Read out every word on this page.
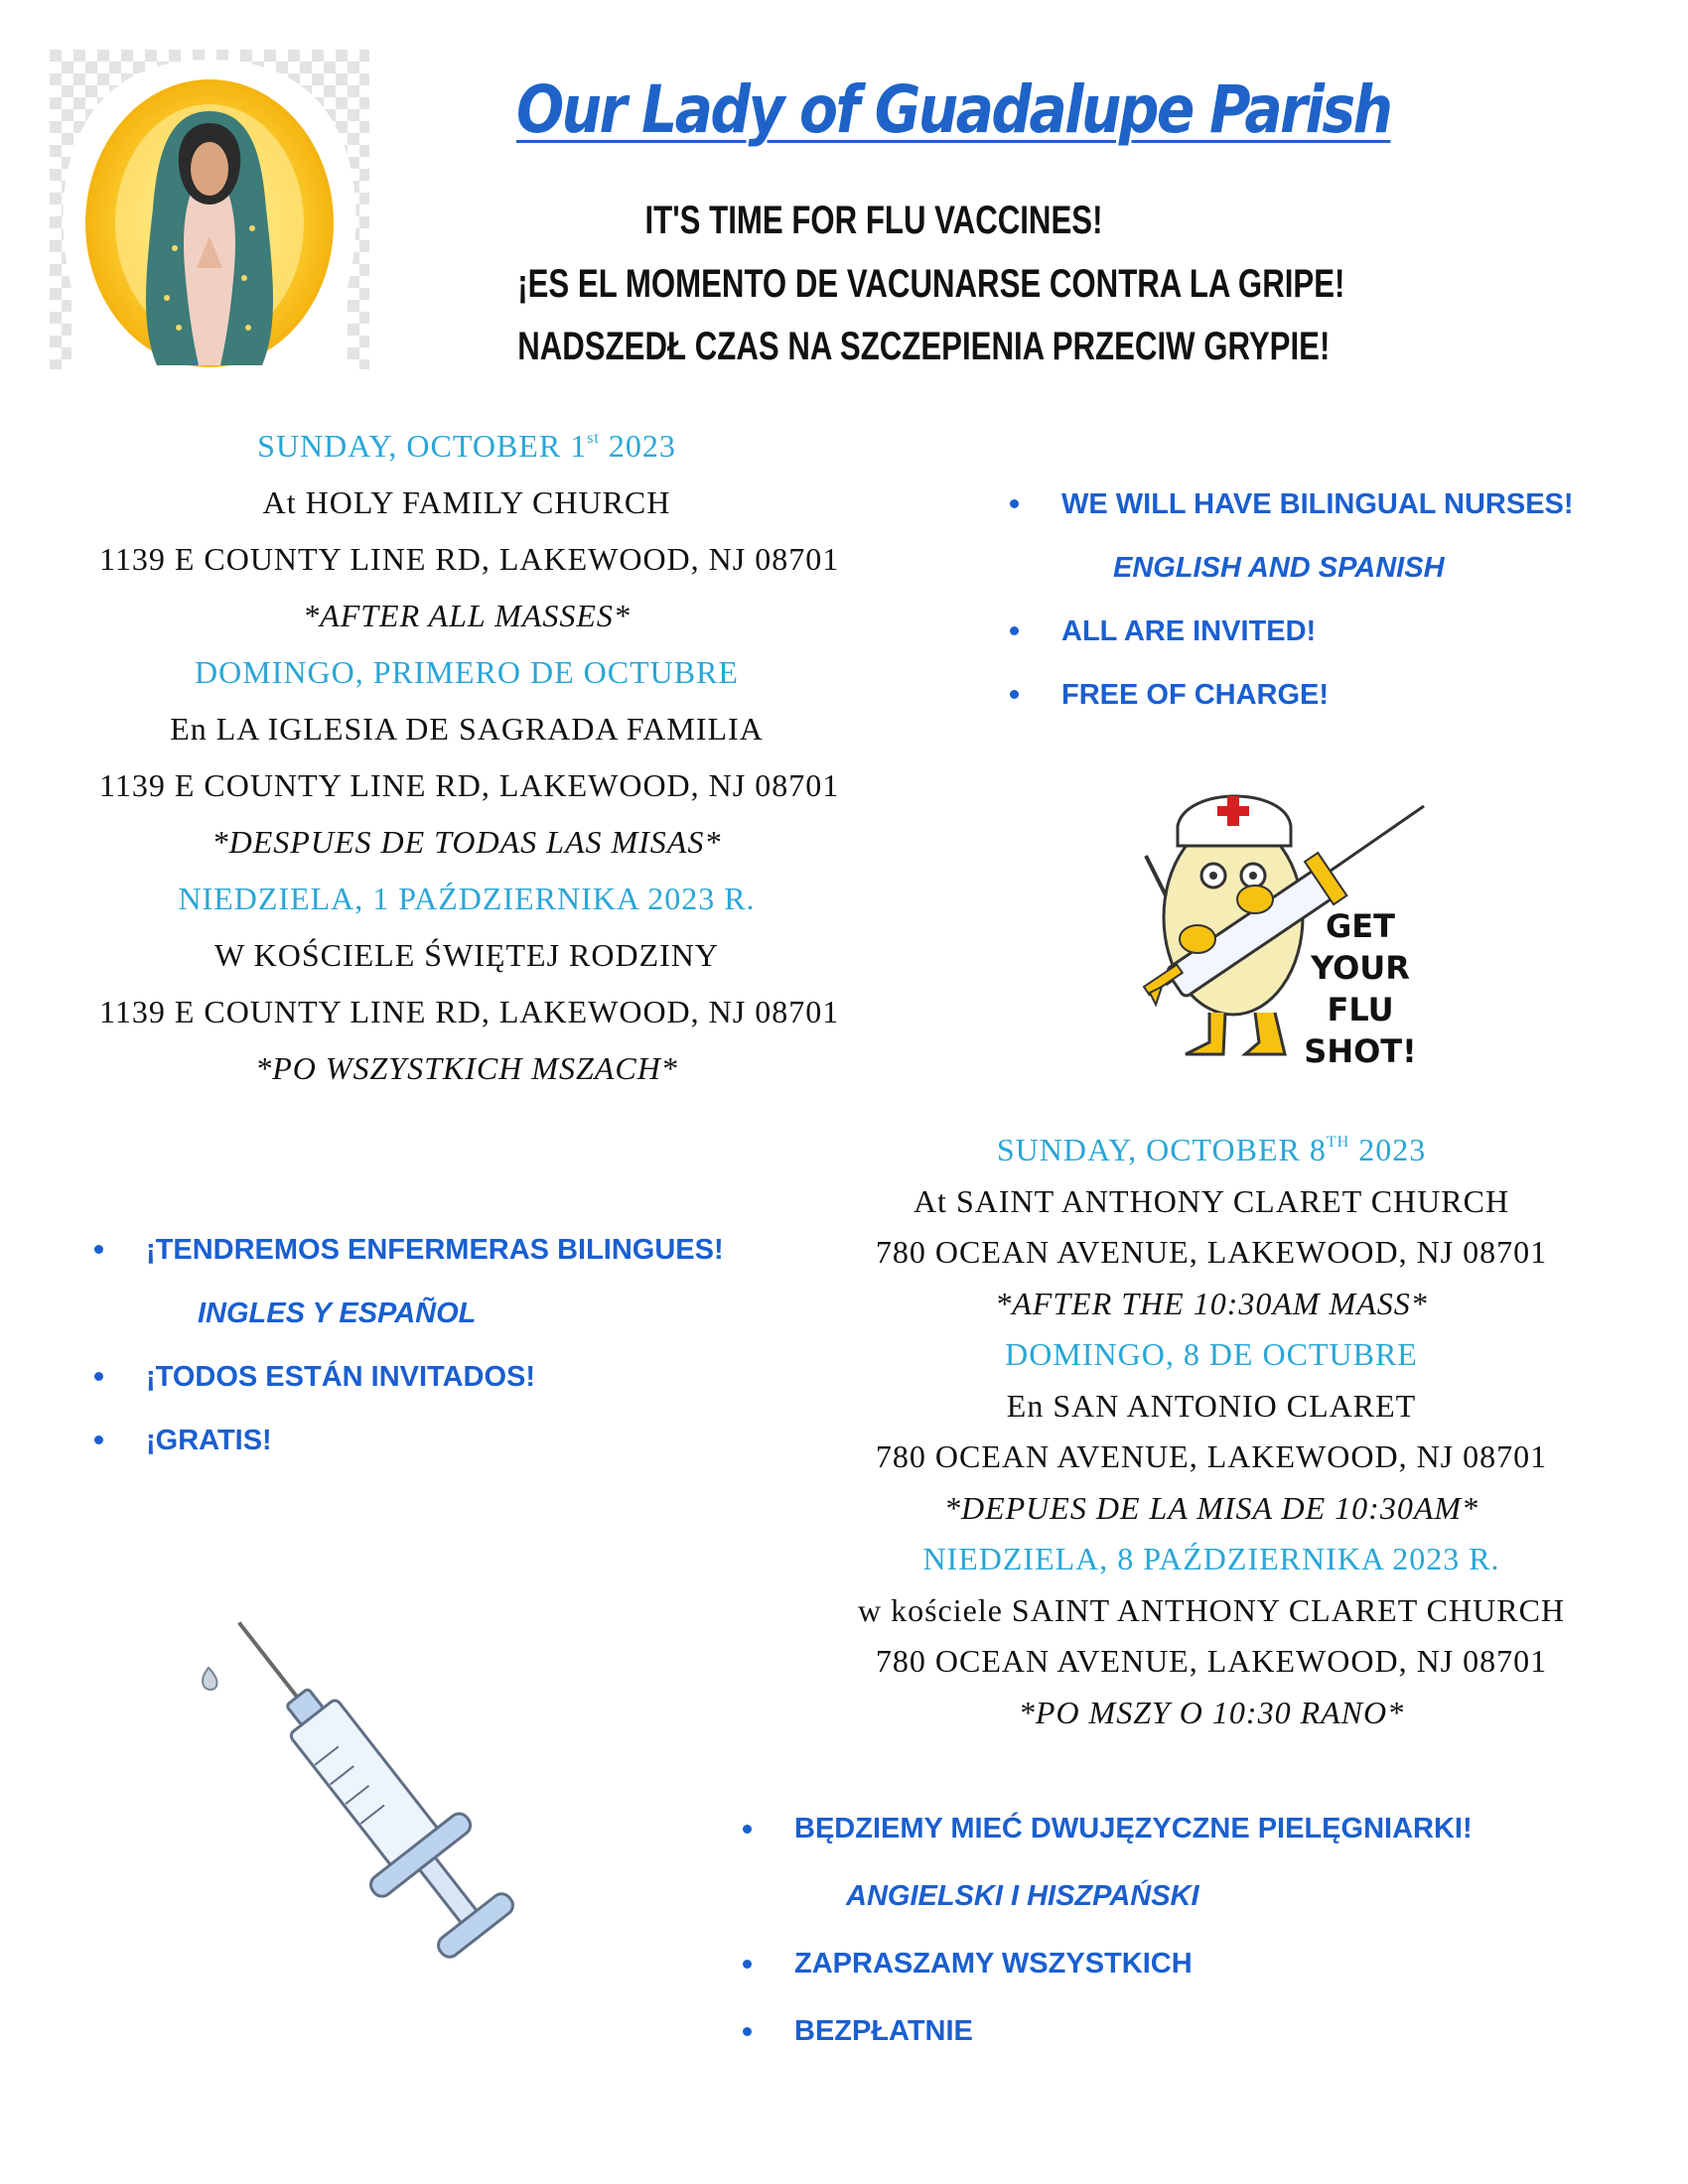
Our Lady of Guadalupe Parish
IT'S TIME FOR FLU VACCINES!
¡ES EL MOMENTO DE VACUNARSE CONTRA LA GRIPE!
NADSZEDŁ CZAS NA SZCZEPIENIA PRZECIW GRYPIE!
SUNDAY, OCTOBER 1st 2023
At HOLY FAMILY CHURCH
1139 E COUNTY LINE RD, LAKEWOOD, NJ 08701
*AFTER ALL MASSES*
DOMINGO, PRIMERO DE OCTUBRE
En LA IGLESIA DE SAGRADA FAMILIA
1139 E COUNTY LINE RD, LAKEWOOD, NJ 08701
*DESPUES DE TODAS LAS MISAS*
NIEDZIELA, 1 PAŹDZIERNIKA 2023 R.
W KOŚCIELE ŚWIĘTEJ RODZINY
1139 E COUNTY LINE RD, LAKEWOOD, NJ 08701
*PO WSZYSTKICH MSZACH*
WE WILL HAVE BILINGUAL NURSES!
ENGLISH AND SPANISH
ALL ARE INVITED!
FREE OF CHARGE!
GET
YOUR
FLU
SHOT!
SUNDAY, OCTOBER 8TH 2023
At SAINT ANTHONY CLARET CHURCH
780 OCEAN AVENUE, LAKEWOOD, NJ 08701
*AFTER THE 10:30AM MASS*
DOMINGO, 8 DE OCTUBRE
En SAN ANTONIO CLARET
780 OCEAN AVENUE, LAKEWOOD, NJ 08701
*DEPUES DE LA MISA DE 10:30AM*
NIEDZIELA, 8 PAŹDZIERNIKA 2023 R.
w kościele SAINT ANTHONY CLARET CHURCH
780 OCEAN AVENUE, LAKEWOOD, NJ 08701
*PO MSZY O 10:30 RANO*
¡TENDREMOS ENFERMERAS BILINGUES!
INGLES Y ESPAÑOL
¡TODOS ESTÁN INVITADOS!
¡GRATIS!
BĘDZIEMY MIEĆ DWUJĘZYCZNE PIELĘGNIARKI!
ANGIELSKI I HISZPAŃSKI
ZAPRASZAMY WSZYSTKICH
BEZPŁATNIE
